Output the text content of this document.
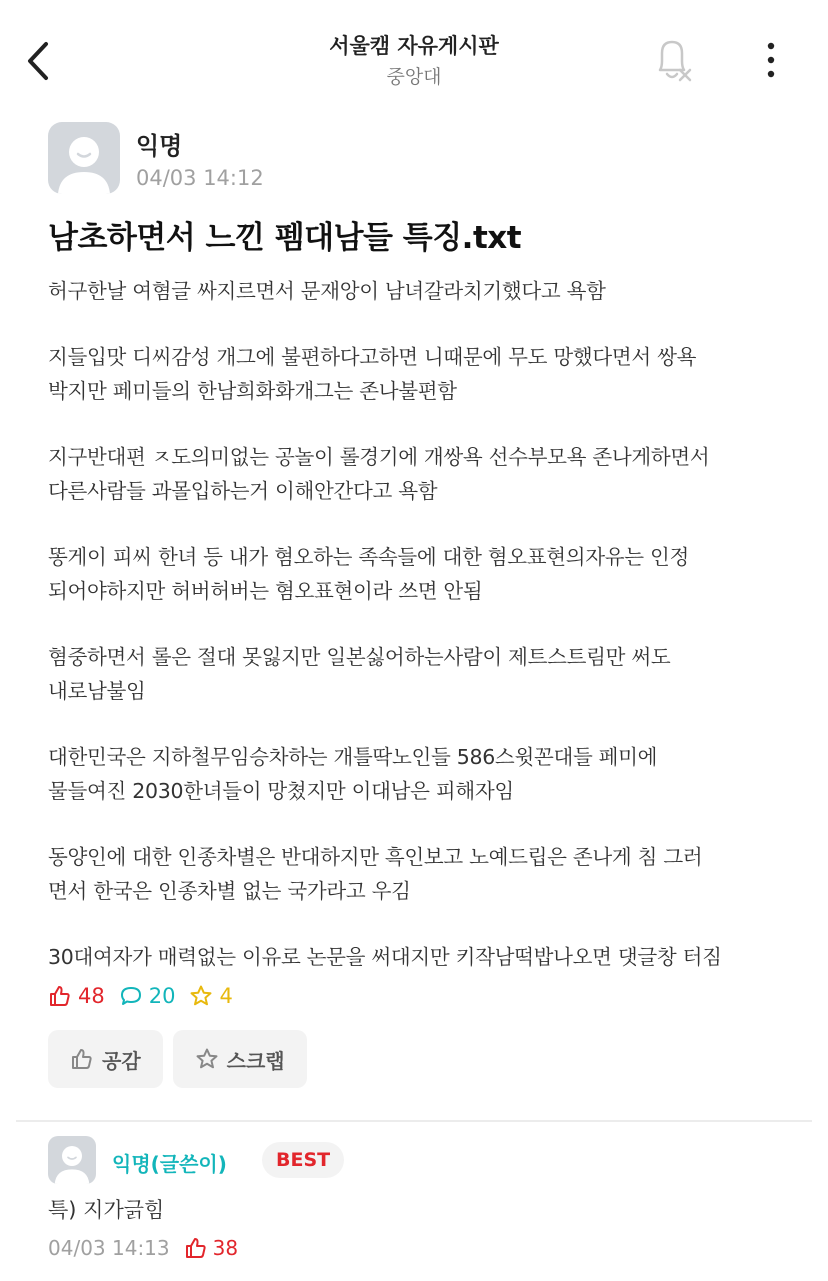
서울캠 자유게시판
중앙대
익명
04/03 14:12
남초하면서 느낀 펨대남들 특징.txt
허구한날 여혐글 싸지르면서 문재앙이 남녀갈라치기했다고 욕함
지들입맛 디씨감성 개그에 불편하다고하면 니때문에 무도 망했다면서 쌍욕
박지만 페미들의 한남희화화개그는 존나불편함
지구반대편 ㅈ도의미없는 공놀이 롤경기에 개쌍욕 선수부모욕 존나게하면서
다른사람들 과몰입하는거 이해안간다고 욕함
똥게이 피씨 한녀 등 내가 혐오하는 족속들에 대한 혐오표현의자유는 인정
되어야하지만 허버허버는 혐오표현이라 쓰면 안됨
혐중하면서 롤은 절대 못잃지만 일본싫어하는사람이 제트스트림만 써도
내로남불임
대한민국은 지하철무임승차하는 개틀딱노인들 586스윗꼰대들 페미에
물들여진 2030한녀들이 망쳤지만 이대남은 피해자임
동양인에 대한 인종차별은 반대하지만 흑인보고 노예드립은 존나게 침 그러
면서 한국은 인종차별 없는 국가라고 우김
30대여자가 매력없는 이유로 논문을 써대지만 키작남떡밥나오면 댓글창 터짐
48 20 4
공감	스크랩
익명(글쓴이)	BEST
특) 지가긁힘
04/03 14:13 38
